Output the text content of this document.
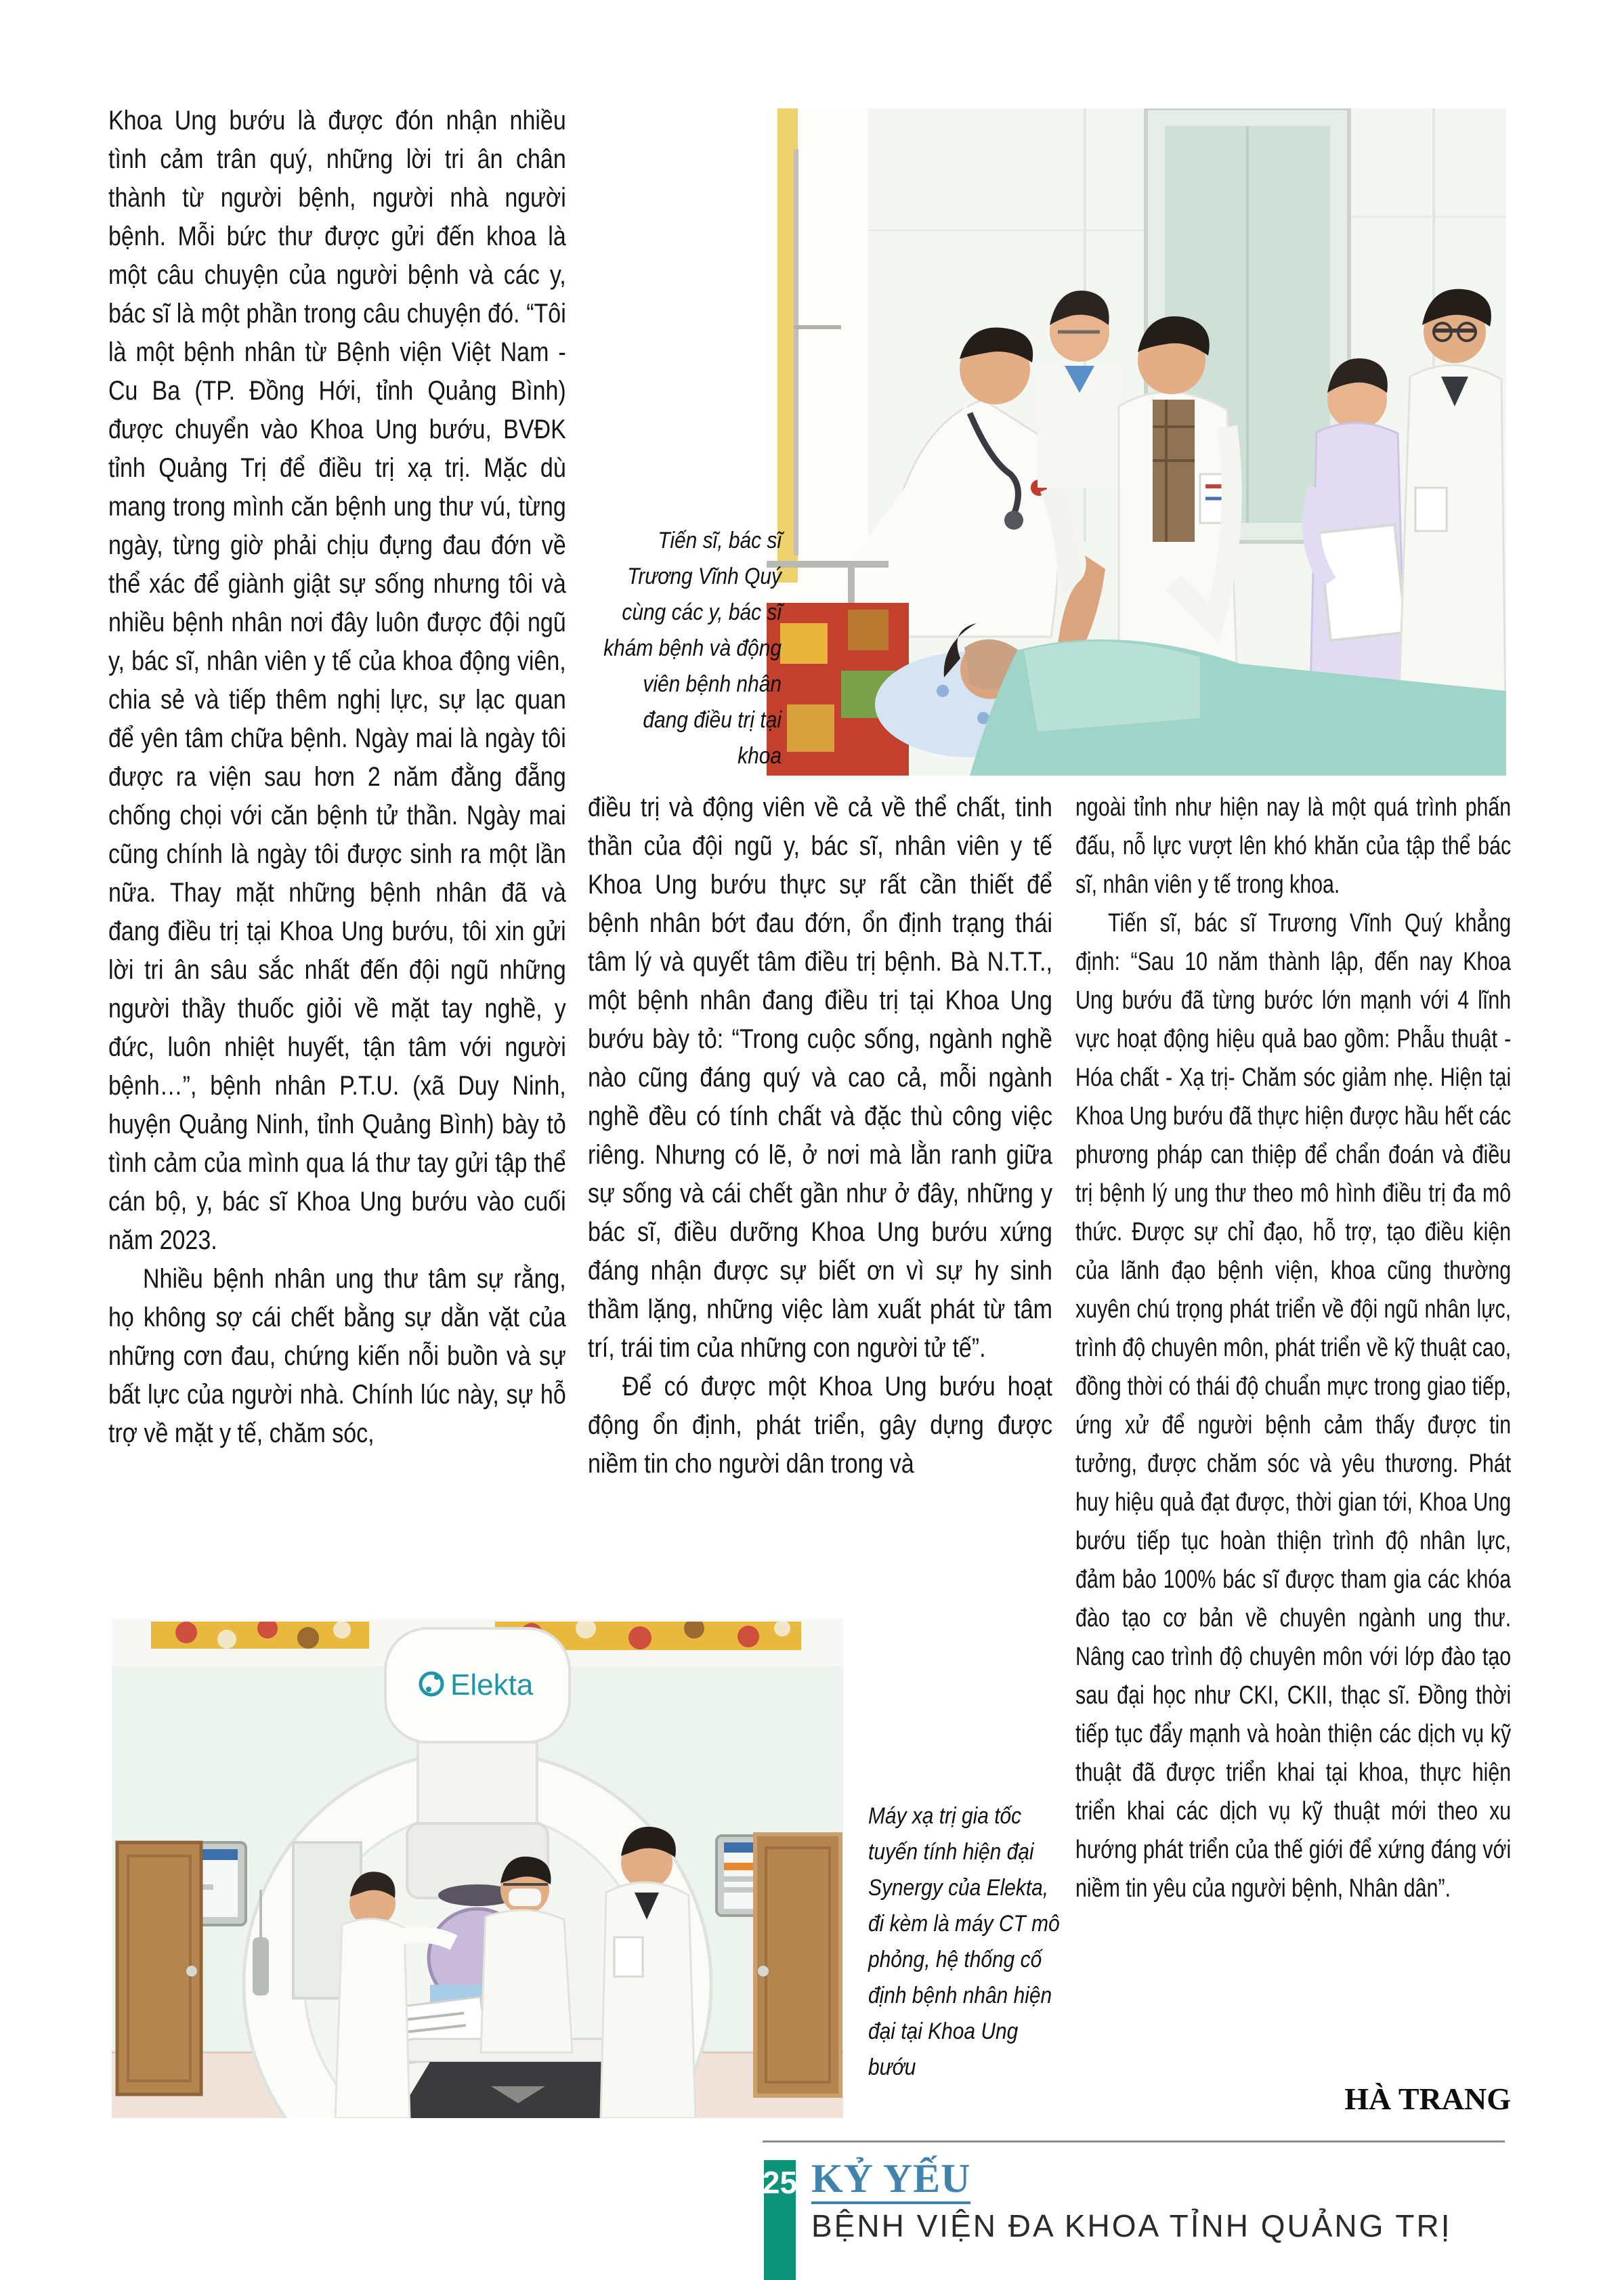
Khoa Ung bướu là được đón nhận nhiều tình cảm trân quý, những lời tri ân chân thành từ người bệnh, người nhà người bệnh. Mỗi bức thư được gửi đến khoa là một câu chuyện của người bệnh và các y, bác sĩ là một phần trong câu chuyện đó. “Tôi là một bệnh nhân từ Bệnh viện Việt Nam - Cu Ba (TP. Đồng Hới, tỉnh Quảng Bình) được chuyển vào Khoa Ung bướu, BVĐK tỉnh Quảng Trị để điều trị xạ trị. Mặc dù mang trong mình căn bệnh ung thư vú, từng ngày, từng giờ phải chịu đựng đau đớn về thể xác để giành giật sự sống nhưng tôi và nhiều bệnh nhân nơi đây luôn được đội ngũ y, bác sĩ, nhân viên y tế của khoa động viên, chia sẻ và tiếp thêm nghị lực, sự lạc quan để yên tâm chữa bệnh. Ngày mai là ngày tôi được ra viện sau hơn 2 năm đằng đẵng chống chọi với căn bệnh tử thần. Ngày mai cũng chính là ngày tôi được sinh ra một lần nữa. Thay mặt những bệnh nhân đã và đang điều trị tại Khoa Ung bướu, tôi xin gửi lời tri ân sâu sắc nhất đến đội ngũ những người thầy thuốc giỏi về mặt tay nghề, y đức, luôn nhiệt huyết, tận tâm với người bệnh…”, bệnh nhân P.T.U. (xã Duy Ninh, huyện Quảng Ninh, tỉnh Quảng Bình) bày tỏ tình cảm của mình qua lá thư tay gửi tập thể cán bộ, y, bác sĩ Khoa Ung bướu vào cuối năm 2023.

Nhiều bệnh nhân ung thư tâm sự rằng, họ không sợ cái chết bằng sự dằn vặt của những cơn đau, chứng kiến nỗi buồn và sự bất lực của người nhà. Chính lúc này, sự hỗ trợ về mặt y tế, chăm sóc,

Tiến sĩ, bác sĩ Trương Vĩnh Quý cùng các y, bác sĩ khám bệnh và động viên bệnh nhân đang điều trị tại khoa

điều trị và động viên về cả về thể chất, tinh thần của đội ngũ y, bác sĩ, nhân viên y tế Khoa Ung bướu thực sự rất cần thiết để bệnh nhân bớt đau đớn, ổn định trạng thái tâm lý và quyết tâm điều trị bệnh. Bà N.T.T., một bệnh nhân đang điều trị tại Khoa Ung bướu bày tỏ: “Trong cuộc sống, ngành nghề nào cũng đáng quý và cao cả, mỗi ngành nghề đều có tính chất và đặc thù công việc riêng. Nhưng có lẽ, ở nơi mà lằn ranh giữa sự sống và cái chết gần như ở đây, những y bác sĩ, điều dưỡng Khoa Ung bướu xứng đáng nhận được sự biết ơn vì sự hy sinh thầm lặng, những việc làm xuất phát từ tâm trí, trái tim của những con người tử tế”.

Để có được một Khoa Ung bướu hoạt động ổn định, phát triển, gây dựng được niềm tin cho người dân trong và

ngoài tỉnh như hiện nay là một quá trình phấn đấu, nỗ lực vượt lên khó khăn của tập thể bác sĩ, nhân viên y tế trong khoa.

Tiến sĩ, bác sĩ Trương Vĩnh Quý khẳng định: “Sau 10 năm thành lập, đến nay Khoa Ung bướu đã từng bước lớn mạnh với 4 lĩnh vực hoạt động hiệu quả bao gồm: Phẫu thuật - Hóa chất - Xạ trị- Chăm sóc giảm nhẹ. Hiện tại Khoa Ung bướu đã thực hiện được hầu hết các phương pháp can thiệp để chẩn đoán và điều trị bệnh lý ung thư theo mô hình điều trị đa mô thức. Được sự chỉ đạo, hỗ trợ, tạo điều kiện của lãnh đạo bệnh viện, khoa cũng thường xuyên chú trọng phát triển về đội ngũ nhân lực, trình độ chuyên môn, phát triển về kỹ thuật cao, đồng thời có thái độ chuẩn mực trong giao tiếp, ứng xử để người bệnh cảm thấy được tin tưởng, được chăm sóc và yêu thương. Phát huy hiệu quả đạt được, thời gian tới, Khoa Ung bướu tiếp tục hoàn thiện trình độ nhân lực, đảm bảo 100% bác sĩ được tham gia các khóa đào tạo cơ bản về chuyên ngành ung thư. Nâng cao trình độ chuyên môn với lớp đào tạo sau đại học như CKI, CKII, thạc sĩ. Đồng thời tiếp tục đẩy mạnh và hoàn thiện các dịch vụ kỹ thuật đã được triển khai tại khoa, thực hiện triển khai các dịch vụ kỹ thuật mới theo xu hướng phát triển của thế giới để xứng đáng với niềm tin yêu của người bệnh, Nhân dân”.

HÀ TRANG
Elekta
Máy xạ trị gia tốc tuyến tính hiện đại Synergy của Elekta, đi kèm là máy CT mô phỏng, hệ thống cố định bệnh nhân hiện đại tại Khoa Ung bướu
25 KỶ YẾU
BỆNH VIỆN ĐA KHOA TỈNH QUẢNG TRỊ
